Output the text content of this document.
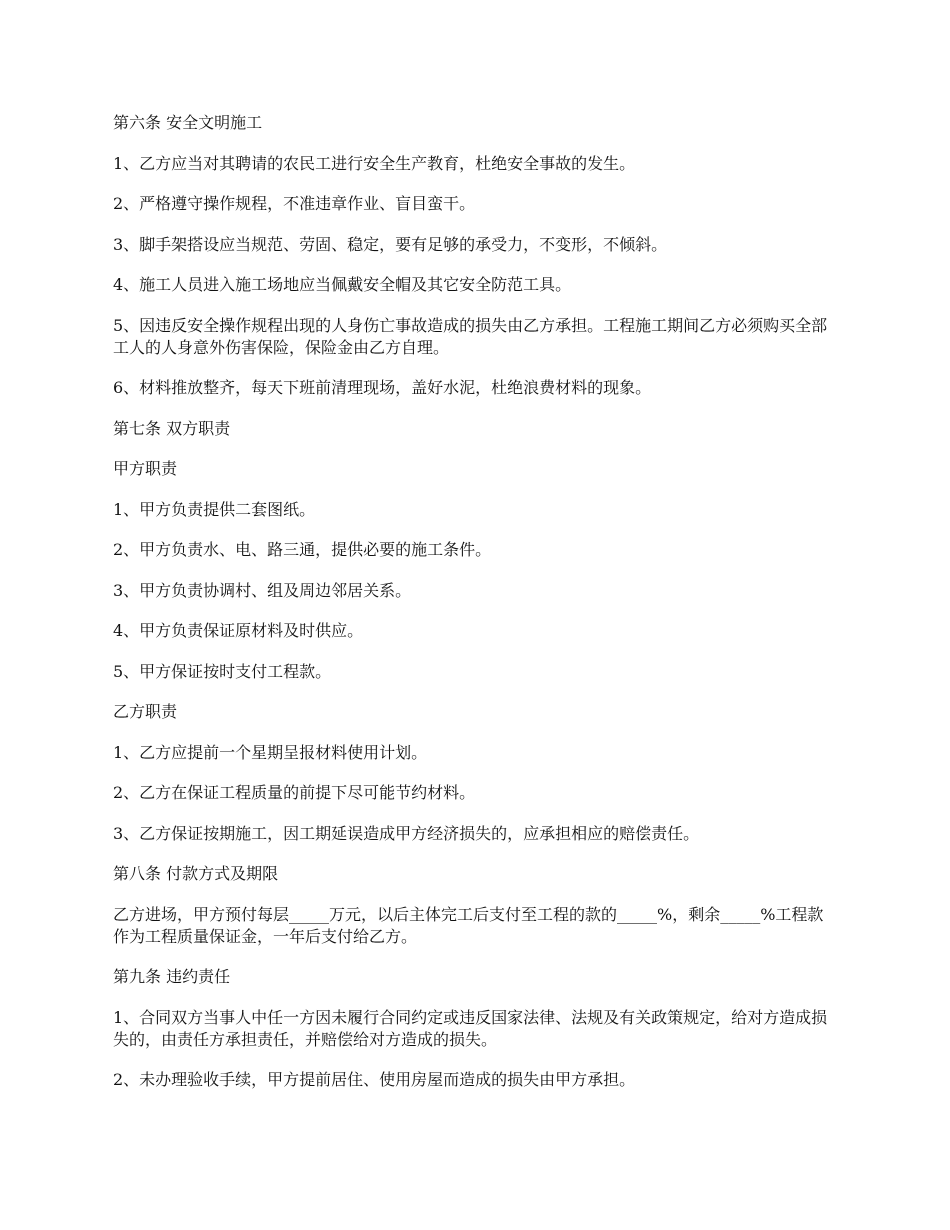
第六条 安全文明施工

1、乙方应当对其聘请的农民工进行安全生产教育，杜绝安全事故的发生。

2、严格遵守操作规程，不准违章作业、盲目蛮干。

3、脚手架搭设应当规范、劳固、稳定，要有足够的承受力，不变形，不倾斜。

4、施工人员进入施工场地应当佩戴安全帽及其它安全防范工具。

5、因违反安全操作规程出现的人身伤亡事故造成的损失由乙方承担。工程施工期间乙方必须购买全部工人的人身意外伤害保险，保险金由乙方自理。

6、材料推放整齐，每天下班前清理现场，盖好水泥，杜绝浪费材料的现象。

第七条 双方职责

甲方职责

1、甲方负责提供二套图纸。

2、甲方负责水、电、路三通，提供必要的施工条件。

3、甲方负责协调村、组及周边邻居关系。

4、甲方负责保证原材料及时供应。

5、甲方保证按时支付工程款。

乙方职责

1、乙方应提前一个星期呈报材料使用计划。

2、乙方在保证工程质量的前提下尽可能节约材料。

3、乙方保证按期施工，因工期延误造成甲方经济损失的，应承担相应的赔偿责任。

第八条 付款方式及期限

乙方进场，甲方预付每层_____万元，以后主体完工后支付至工程的款的_____%，剩余_____%工程款作为工程质量保证金，一年后支付给乙方。

第九条 违约责任

1、合同双方当事人中任一方因未履行合同约定或违反国家法律、法规及有关政策规定，给对方造成损失的，由责任方承担责任，并赔偿给对方造成的损失。

2、未办理验收手续，甲方提前居住、使用房屋而造成的损失由甲方承担。
